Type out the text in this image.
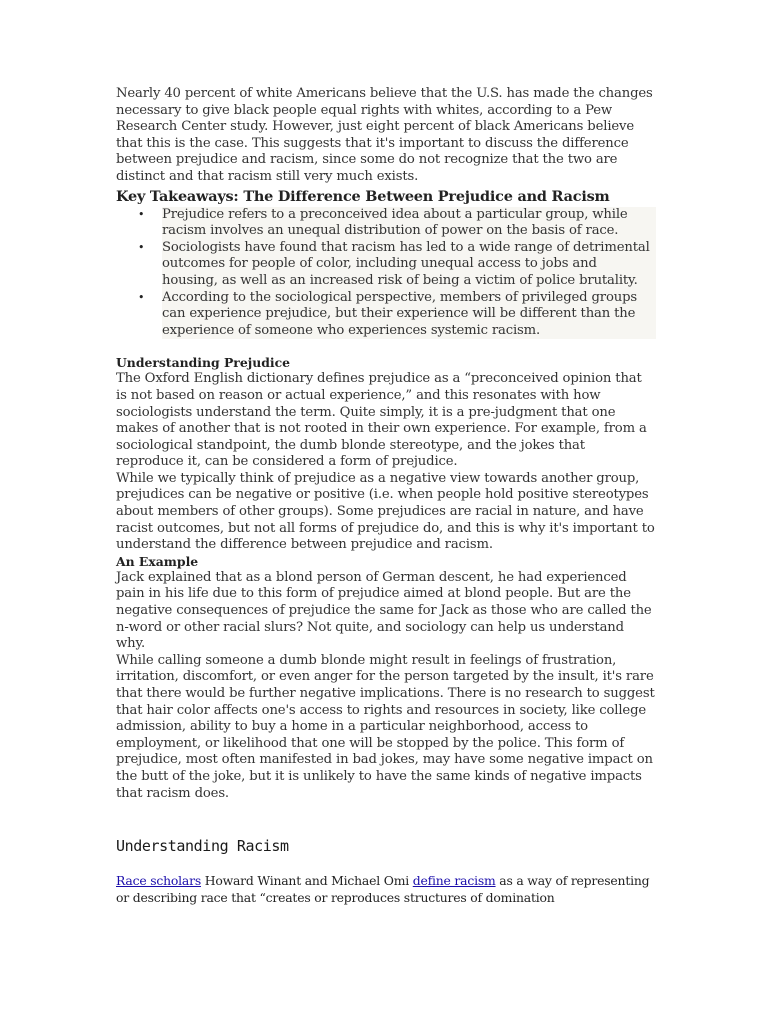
Nearly 40 percent of white Americans believe that the U.S. has made the changes necessary to give black people equal rights with whites, according to a Pew Research Center study. However, just eight percent of black Americans believe that this is the case. This suggests that it's important to discuss the difference between prejudice and racism, since some do not recognize that the two are distinct and that racism still very much exists.

Key Takeaways: The Difference Between Prejudice and Racism
• Prejudice refers to a preconceived idea about a particular group, while racism involves an unequal distribution of power on the basis of race.
• Sociologists have found that racism has led to a wide range of detrimental outcomes for people of color, including unequal access to jobs and housing, as well as an increased risk of being a victim of police brutality.
• According to the sociological perspective, members of privileged groups can experience prejudice, but their experience will be different than the experience of someone who experiences systemic racism.
Understanding Prejudice

The Oxford English dictionary defines prejudice as a “preconceived opinion that is not based on reason or actual experience,” and this resonates with how sociologists understand the term. Quite simply, it is a pre-judgment that one makes of another that is not rooted in their own experience. For example, from a sociological standpoint, the dumb blonde stereotype, and the jokes that reproduce it, can be considered a form of prejudice.

While we typically think of prejudice as a negative view towards another group, prejudices can be negative or positive (i.e. when people hold positive stereotypes about members of other groups). Some prejudices are racial in nature, and have racist outcomes, but not all forms of prejudice do, and this is why it's important to understand the difference between prejudice and racism.

An Example

Jack explained that as a blond person of German descent, he had experienced pain in his life due to this form of prejudice aimed at blond people. But are the negative consequences of prejudice the same for Jack as those who are called the n-word or other racial slurs? Not quite, and sociology can help us understand why.

While calling someone a dumb blonde might result in feelings of frustration, irritation, discomfort, or even anger for the person targeted by the insult, it's rare that there would be further negative implications. There is no research to suggest that hair color affects one's access to rights and resources in society, like college admission, ability to buy a home in a particular neighborhood, access to employment, or likelihood that one will be stopped by the police. This form of prejudice, most often manifested in bad jokes, may have some negative impact on the butt of the joke, but it is unlikely to have the same kinds of negative impacts that racism does.

Understanding Racism

Race scholars Howard Winant and Michael Omi define racism as a way of representing or describing race that “creates or reproduces structures of domination
